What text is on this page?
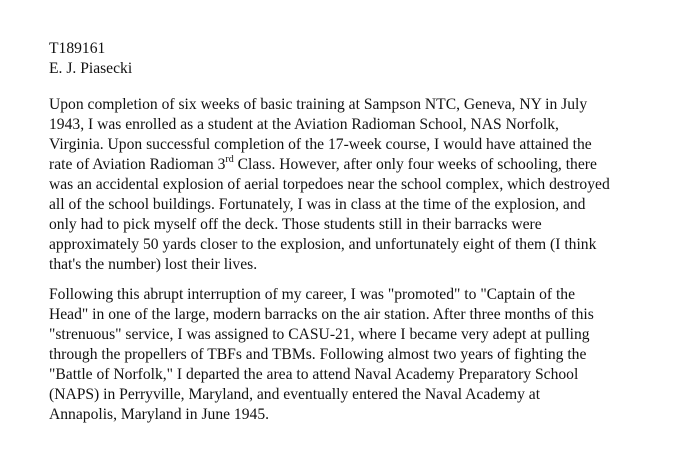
T189161
E. J. Piasecki
Upon completion of six weeks of basic training at Sampson NTC, Geneva, NY in July
1943, I was enrolled as a student at the Aviation Radioman School, NAS Norfolk,
Virginia. Upon successful completion of the 17-week course, I would have attained the
rate of Aviation Radioman 3rd Class. However, after only four weeks of schooling, there
was an accidental explosion of aerial torpedoes near the school complex, which destroyed
all of the school buildings. Fortunately, I was in class at the time of the explosion, and
only had to pick myself off the deck. Those students still in their barracks were
approximately 50 yards closer to the explosion, and unfortunately eight of them (I think
that's the number) lost their lives.
Following this abrupt interruption of my career, I was "promoted" to "Captain of the
Head" in one of the large, modern barracks on the air station. After three months of this
"strenuous" service, I was assigned to CASU-21, where I became very adept at pulling
through the propellers of TBFs and TBMs. Following almost two years of fighting the
"Battle of Norfolk," I departed the area to attend Naval Academy Preparatory School
(NAPS) in Perryville, Maryland, and eventually entered the Naval Academy at
Annapolis, Maryland in June 1945.
